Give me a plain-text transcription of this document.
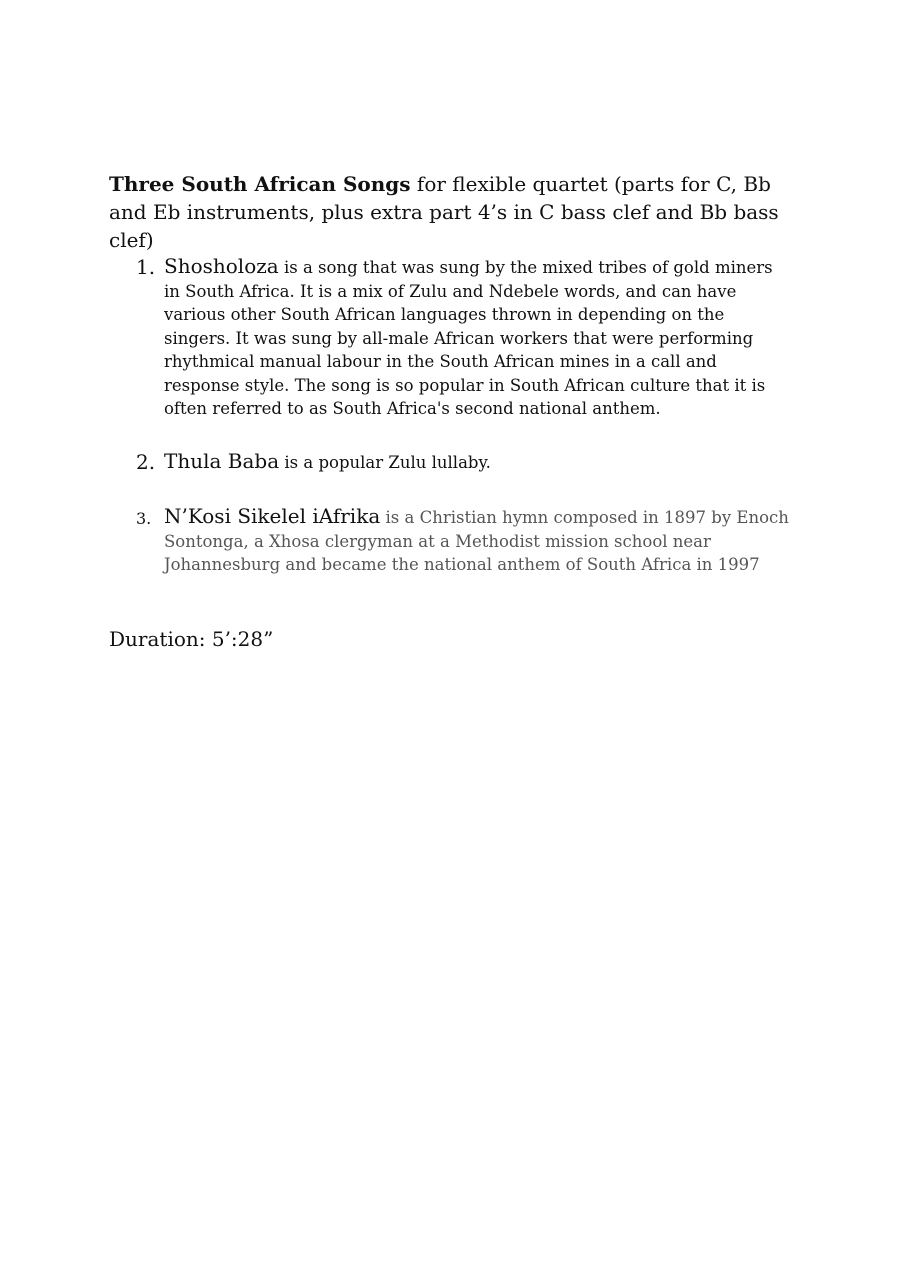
Three South African Songs for flexible quartet (parts for C, Bb and Eb instruments, plus extra part 4’s in C bass clef and Bb bass clef)
1. Shosholoza is a song that was sung by the mixed tribes of gold miners in South Africa. It is a mix of Zulu and Ndebele words, and can have various other South African languages thrown in depending on the singers. It was sung by all-male African workers that were performing rhythmical manual labour in the South African mines in a call and response style. The song is so popular in South African culture that it is often referred to as South Africa's second national anthem.
2. Thula Baba is a popular Zulu lullaby.
3. N’Kosi Sikelel iAfrika is a Christian hymn composed in 1897 by Enoch Sontonga, a Xhosa clergyman at a Methodist mission school near Johannesburg and became the national anthem of South Africa in 1997
Duration: 5’:28”
